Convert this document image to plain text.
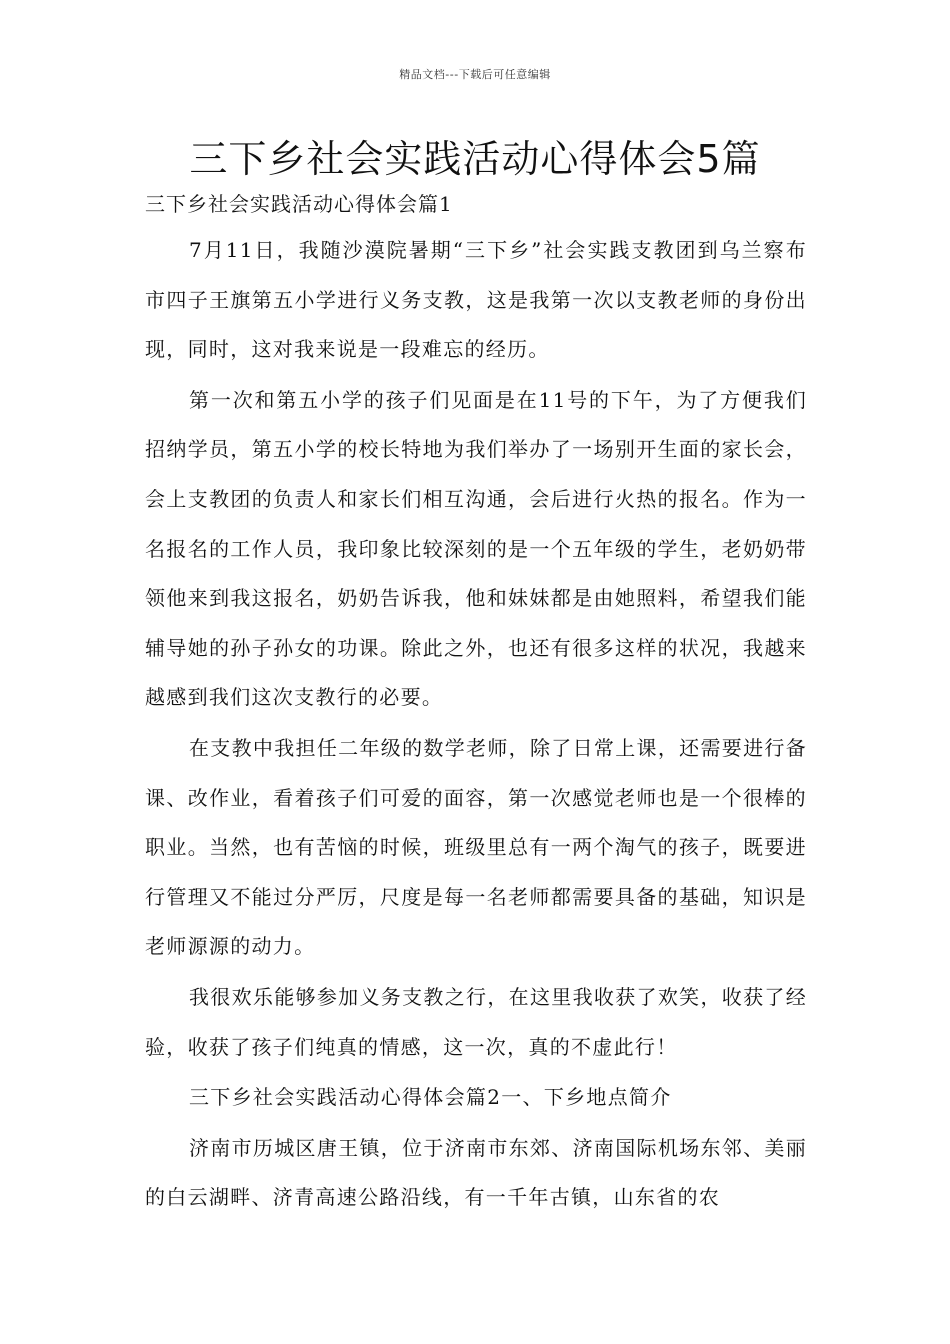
精品文档---下载后可任意编辑
三下乡社会实践活动心得体会5篇
三下乡社会实践活动心得体会篇1

7月11日，我随沙漠院暑期“三下乡”社会实践支教团到乌兰察布市四子王旗第五小学进行义务支教，这是我第一次以支教老师的身份出现，同时，这对我来说是一段难忘的经历。

第一次和第五小学的孩子们见面是在11号的下午，为了方便我们招纳学员，第五小学的校长特地为我们举办了一场别开生面的家长会，会上支教团的负责人和家长们相互沟通，会后进行火热的报名。作为一名报名的工作人员，我印象比较深刻的是一个五年级的学生，老奶奶带领他来到我这报名，奶奶告诉我，他和妹妹都是由她照料，希望我们能辅导她的孙子孙女的功课。除此之外，也还有很多这样的状况，我越来越感到我们这次支教行的必要。

在支教中我担任二年级的数学老师，除了日常上课，还需要进行备课、改作业，看着孩子们可爱的面容，第一次感觉老师也是一个很棒的职业。当然，也有苦恼的时候，班级里总有一两个淘气的孩子，既要进行管理又不能过分严厉，尺度是每一名老师都需要具备的基础，知识是老师源源的动力。

我很欢乐能够参加义务支教之行，在这里我收获了欢笑，收获了经验，收获了孩子们纯真的情感，这一次，真的不虚此行！

三下乡社会实践活动心得体会篇2一、下乡地点简介

济南市历城区唐王镇，位于济南市东郊、济南国际机场东邻、美丽的白云湖畔、济青高速公路沿线，有一千年古镇，山东省的农
